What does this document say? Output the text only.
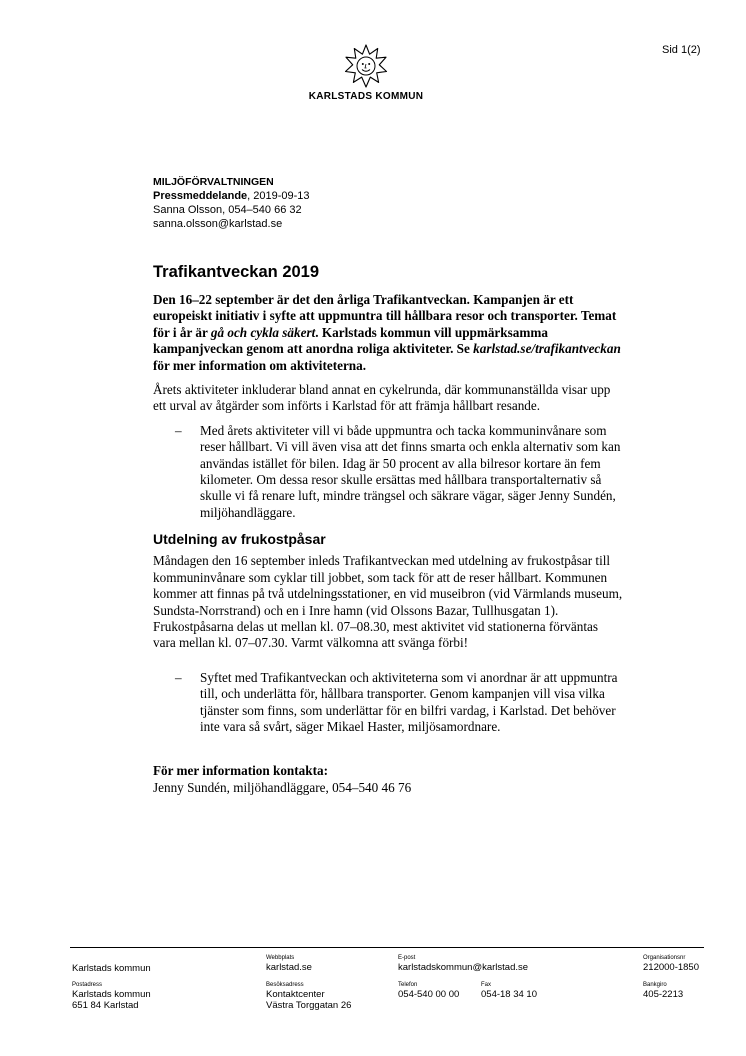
Sid 1(2)
KARLSTADS KOMMUN
MILJÖFÖRVALTNINGEN
Pressmeddelande, 2019-09-13
Sanna Olsson, 054–540 66 32
sanna.olsson@karlstad.se
Trafikantveckan 2019

Den 16–22 september är det den årliga Trafikantveckan. Kampanjen är ett europeiskt initiativ i syfte att uppmuntra till hållbara resor och transporter. Temat för i år är gå och cykla säkert. Karlstads kommun vill uppmärksamma kampanjveckan genom att anordna roliga aktiviteter. Se karlstad.se/trafikantveckan för mer information om aktiviteterna.

Årets aktiviteter inkluderar bland annat en cykelrunda, där kommunanställda visar upp ett urval av åtgärder som införts i Karlstad för att främja hållbart resande.

– Med årets aktiviteter vill vi både uppmuntra och tacka kommuninvånare som reser hållbart. Vi vill även visa att det finns smarta och enkla alternativ som kan användas istället för bilen. Idag är 50 procent av alla bilresor kortare än fem kilometer. Om dessa resor skulle ersättas med hållbara transportalternativ så skulle vi få renare luft, mindre trängsel och säkrare vägar, säger Jenny Sundén, miljöhandläggare.

Utdelning av frukostpåsar

Måndagen den 16 september inleds Trafikantveckan med utdelning av frukostpåsar till kommuninvånare som cyklar till jobbet, som tack för att de reser hållbart. Kommunen kommer att finnas på två utdelningsstationer, en vid museibron (vid Värmlands museum, Sundsta-Norrstrand) och en i Inre hamn (vid Olssons Bazar, Tullhusgatan 1). Frukostpåsarna delas ut mellan kl. 07–08.30, mest aktivitet vid stationerna förväntas vara mellan kl. 07–07.30. Varmt välkomna att svänga förbi!

– Syftet med Trafikantveckan och aktiviteterna som vi anordnar är att uppmuntra till, och underlätta för, hållbara transporter. Genom kampanjen vill visa vilka tjänster som finns, som underlättar för en bilfri vardag, i Karlstad. Det behöver inte vara så svårt, säger Mikael Haster, miljösamordnare.

För mer information kontakta:

Jenny Sundén, miljöhandläggare, 054–540 46 76

Karlstads kommun
Webbplats
karlstad.se
E-post
karlstadskommun@karlstad.se
Organisationsnr
212000-1850
Postadress
Karlstads kommun
651 84 Karlstad
Besöksadress
Kontaktcenter
Västra Torggatan 26
Telefon
054-540 00 00
Fax
054-18 34 10
Bankgiro
405-2213
